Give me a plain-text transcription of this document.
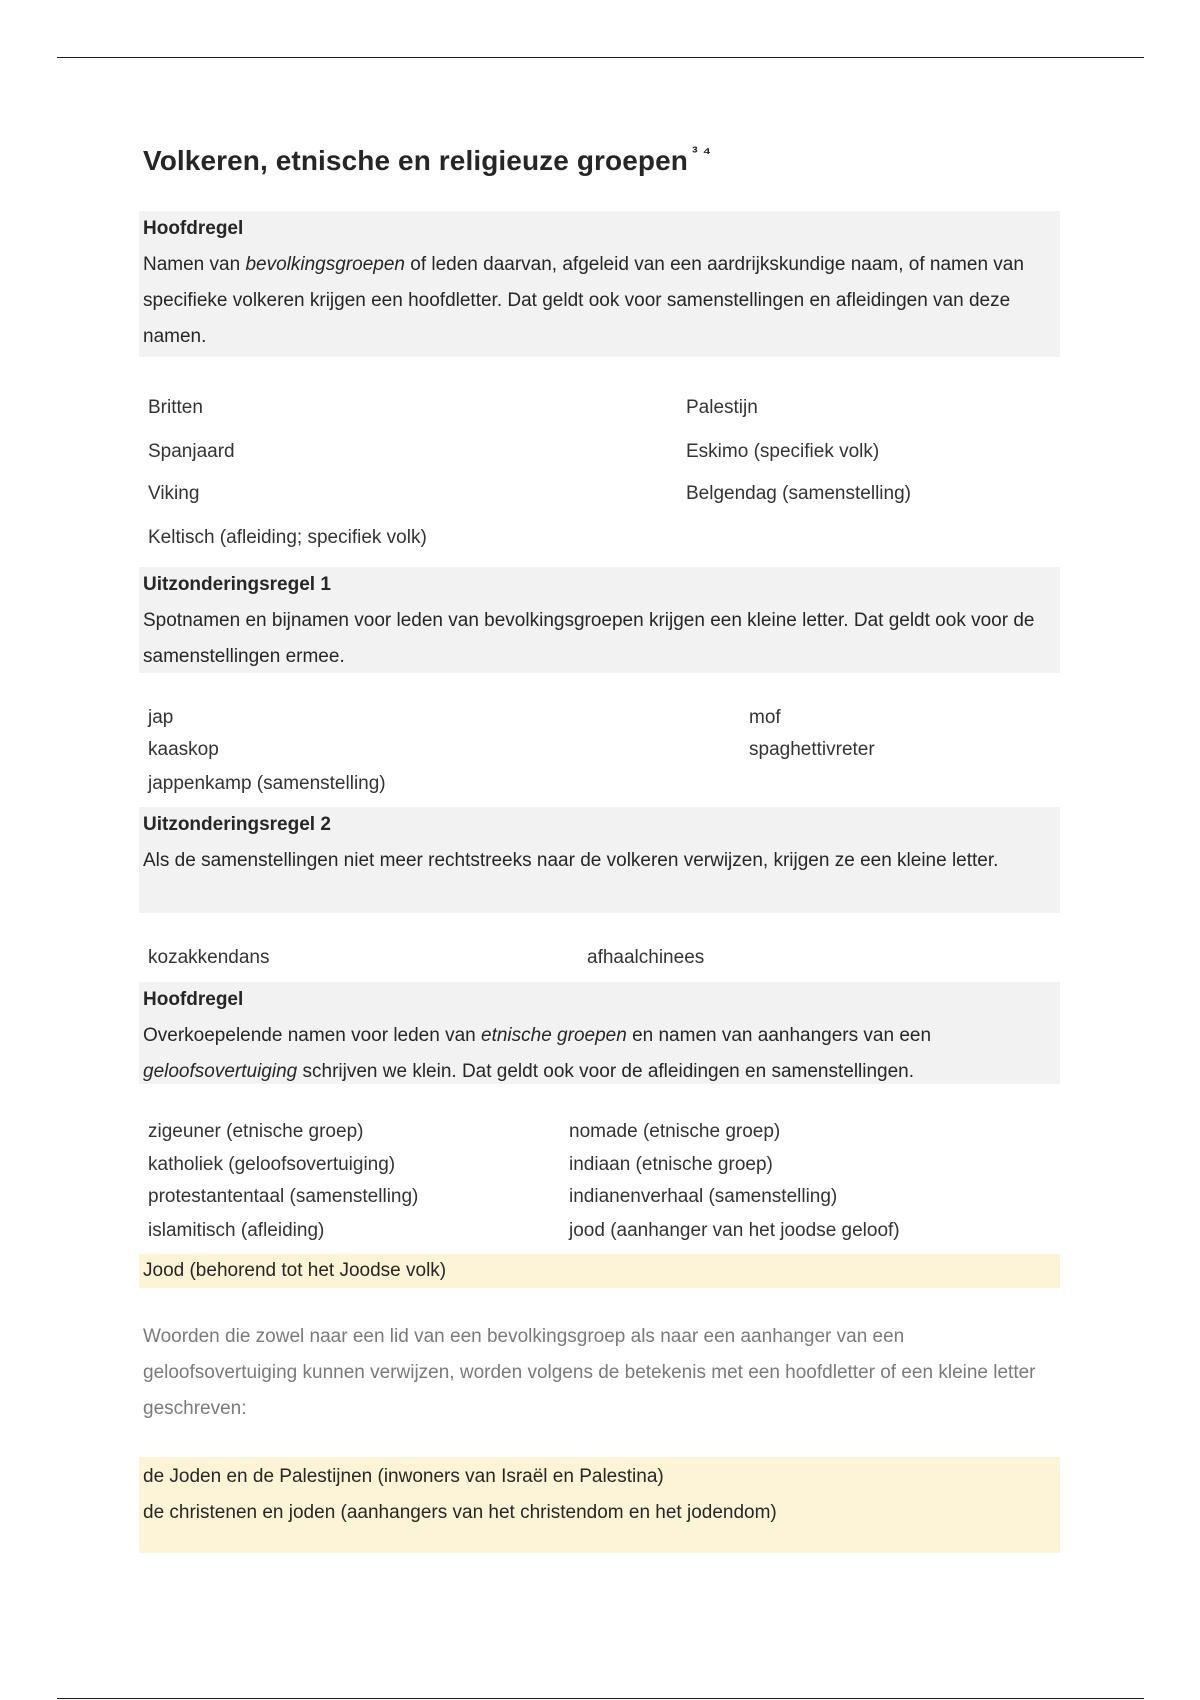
Volkeren, etnische en religieuze groepen $^{^3 ^4}$
Hoofdregel

Namen van bevolkingsgroepen of leden daarvan, afgeleid van een aardrijkskundige naam, of namen van specifieke volkeren krijgen een hoofdletter. Dat geldt ook voor samenstellingen en afleidingen van deze namen.

Britten	Palestijn
Spanjaard	Eskimo (specifiek volk)
Viking	Belgendag (samenstelling)
Keltisch (afleiding; specifiek volk)
Uitzonderingsregel 1

Spotnamen en bijnamen voor leden van bevolkingsgroepen krijgen een kleine letter. Dat geldt ook voor de samenstellingen ermee.

jap	mof
kaaskop	spaghettivreter
jappenkamp (samenstelling)
Uitzonderingsregel 2

Als de samenstellingen niet meer rechtstreeks naar de volkeren verwijzen, krijgen ze een kleine letter.

kozakkendans	afhaalchinees
Hoofdregel

Overkoepelende namen voor leden van etnische groepen en namen van aanhangers van een geloofsovertuiging schrijven we klein. Dat geldt ook voor de afleidingen en samenstellingen.

zigeuner (etnische groep)	nomade (etnische groep)
katholiek (geloofsovertuiging)	indiaan (etnische groep)
protestantentaal (samenstelling)	indianenverhaal (samenstelling)
islamitisch (afleiding)	jood (aanhanger van het joodse geloof)
Jood (behorend tot het Joodse volk)

Woorden die zowel naar een lid van een bevolkingsgroep als naar een aanhanger van een geloofsovertuiging kunnen verwijzen, worden volgens de betekenis met een hoofdletter of een kleine letter geschreven:

de Joden en de Palestijnen (inwoners van Israël en Palestina)
de christenen en joden (aanhangers van het christendom en het jodendom)
